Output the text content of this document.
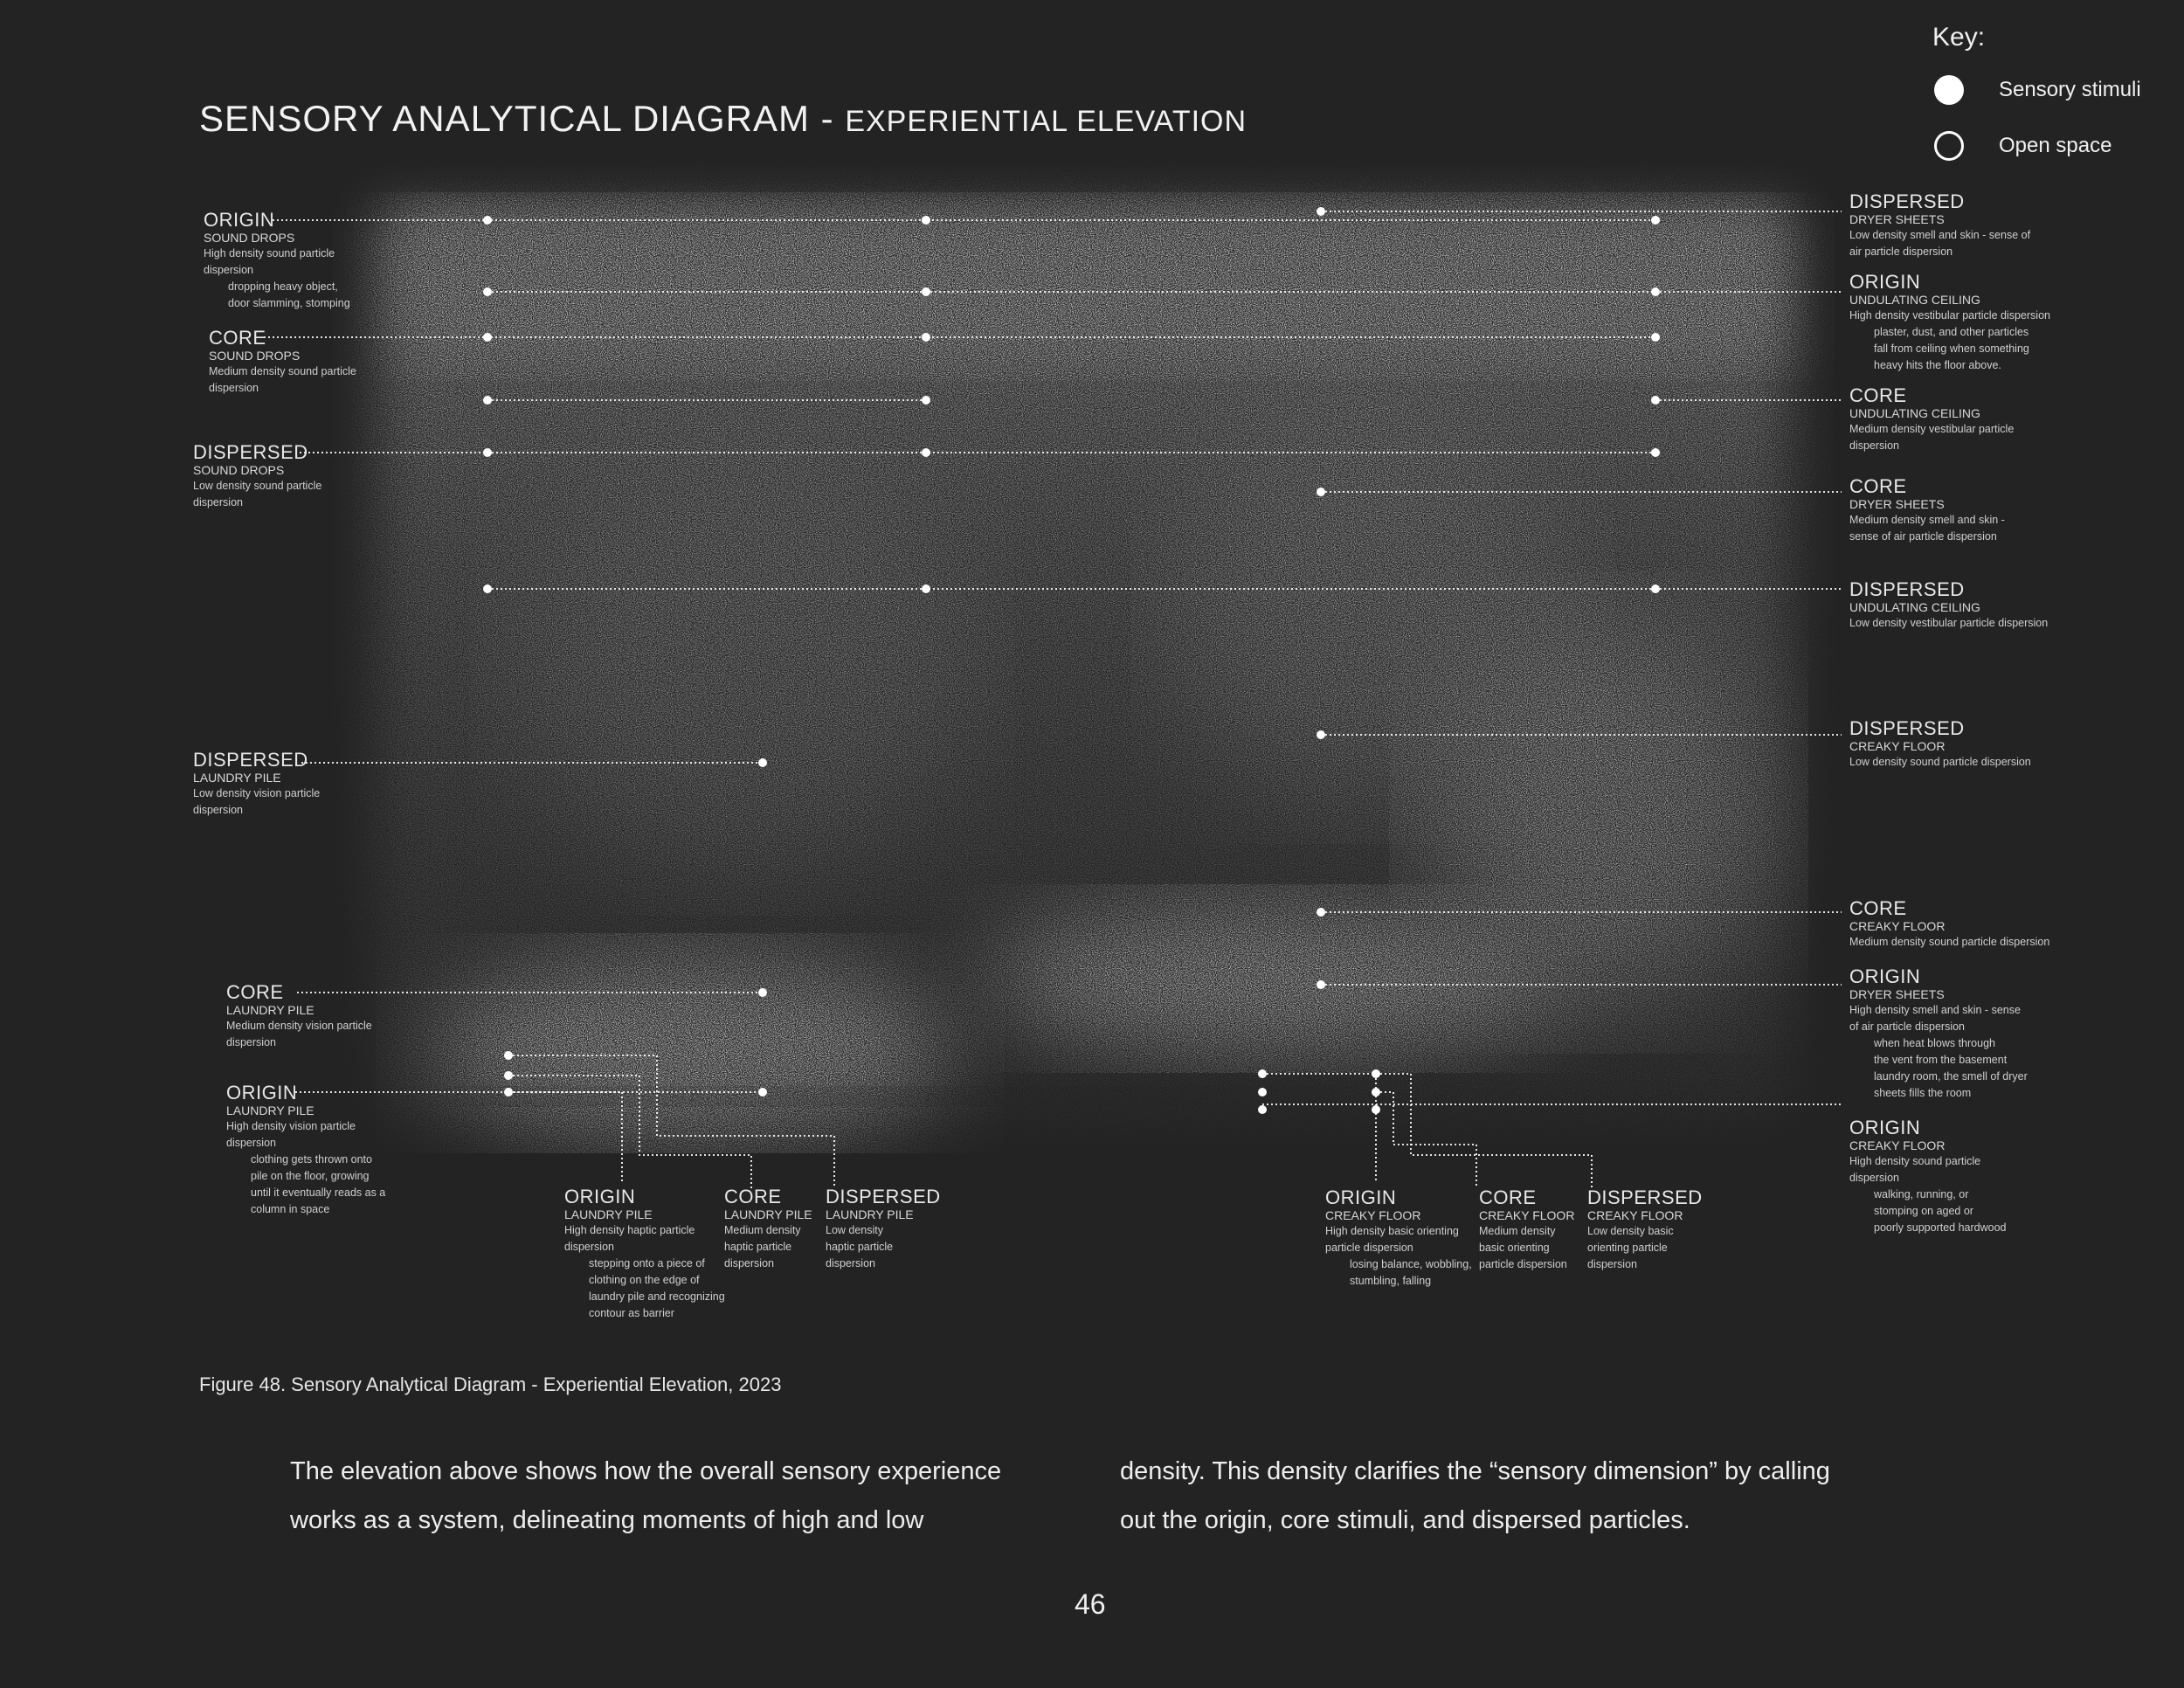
SENSORY ANALYTICAL DIAGRAM - EXPERIENTIAL ELEVATION
Key:
Sensory stimuli
Open space
ORIGIN
SOUND DROPS
High density sound particle
dispersion
dropping heavy object,
door slamming, stomping
CORE
SOUND DROPS
Medium density sound particle
dispersion
DISPERSED
SOUND DROPS
Low density sound particle
dispersion
DISPERSED
LAUNDRY PILE
Low density vision particle
dispersion
CORE
LAUNDRY PILE
Medium density vision particle
dispersion
ORIGIN
LAUNDRY PILE
High density vision particle
dispersion
clothing gets thrown onto
pile on the floor, growing
until it eventually reads as a
column in space
ORIGIN
LAUNDRY PILE
High density haptic particle
dispersion
stepping onto a piece of
clothing on the edge of
laundry pile and recognizing
contour as barrier
CORE
LAUNDRY PILE
Medium density
haptic particle
dispersion
DISPERSED
LAUNDRY PILE
Low density
haptic particle
dispersion
ORIGIN
CREAKY FLOOR
High density basic orienting
particle dispersion
losing balance, wobbling,
stumbling, falling
CORE
CREAKY FLOOR
Medium density
basic orienting
particle dispersion
DISPERSED
CREAKY FLOOR
Low density basic
orienting particle
dispersion
DISPERSED
DRYER SHEETS
Low density smell and skin - sense of
air particle dispersion
ORIGIN
UNDULATING CEILING
High density vestibular particle dispersion
plaster, dust, and other particles
fall from ceiling when something
heavy hits the floor above.
CORE
UNDULATING CEILING
Medium density vestibular particle
dispersion
CORE
DRYER SHEETS
Medium density smell and skin -
sense of air particle dispersion
DISPERSED
UNDULATING CEILING
Low density vestibular particle dispersion
DISPERSED
CREAKY FLOOR
Low density sound particle dispersion
CORE
CREAKY FLOOR
Medium density sound particle dispersion
ORIGIN
DRYER SHEETS
High density smell and skin - sense
of air particle dispersion
when heat blows through
the vent from the basement
laundry room, the smell of dryer
sheets fills the room
ORIGIN
CREAKY FLOOR
High density sound particle
dispersion
walking, running, or
stomping on aged or
poorly supported hardwood
Figure 48. Sensory Analytical Diagram - Experiential Elevation, 2023
The elevation above shows how the overall sensory experience
works as a system, delineating moments of high and low
density. This density clarifies the “sensory dimension” by calling
out the origin, core stimuli, and dispersed particles.
46
